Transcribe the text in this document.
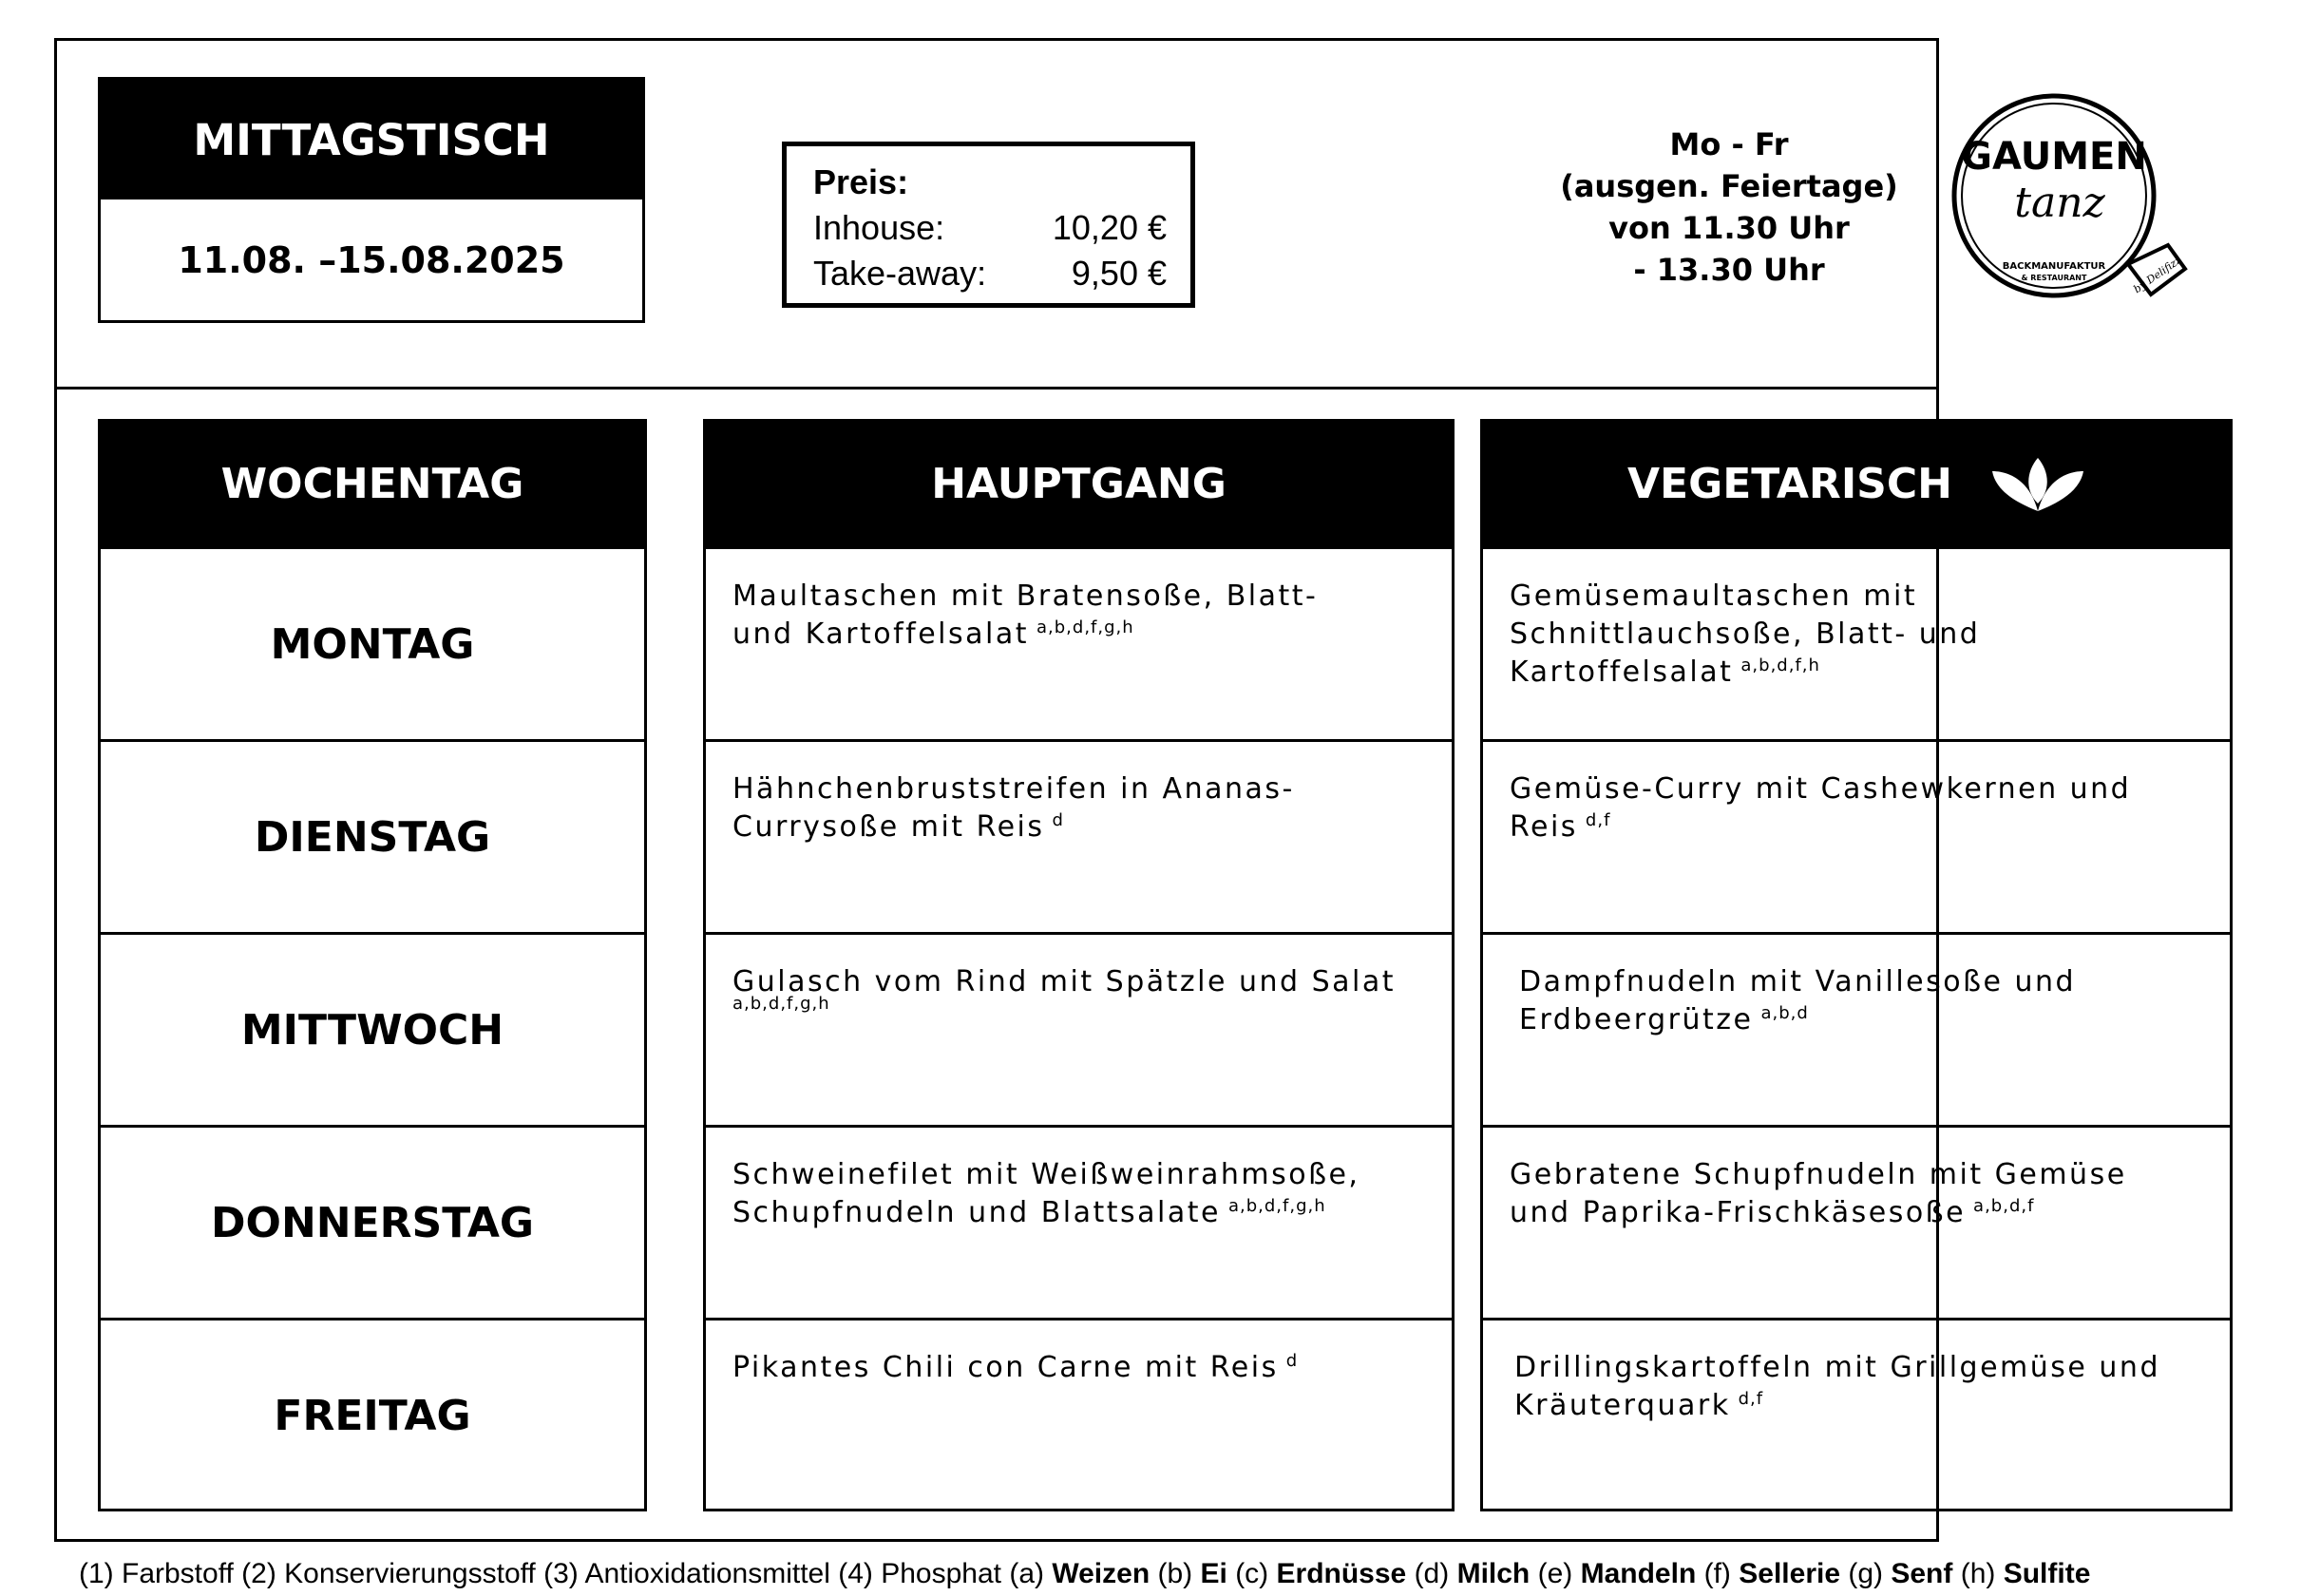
MITTAGSTISCH
11.08. –15.08.2025
Preis:
Inhouse:	10,20 €
Take-away: 9,50 €
Mo - Fr
(ausgen. Feiertage)
von 11.30 Uhr
- 13.30 Uhr
GAUMEN
tanz
BACKMANUFAKTUR
& RESTAURANT	by Delifizz
WOCHENTAG
MONTAG
DIENSTAG
MITTWOCH
DONNERSTAG
FREITAG
HAUPTGANG
Maultaschen mit Bratensoße, Blatt-
und Kartoffelsalat $^{a,b,d,f,g,h}$
Hähnchenbruststreifen in Ananas-
Currysoße mit Reis $^d$
Gulasch vom Rind mit Spätzle und Salat
a,b,d,f,g,h
Schweinefilet mit Weißweinrahmsoße,
Schupfnudeln und Blattsalate $^{a,b,d,f,g,h}$
Pikantes Chili con Carne mit Reis $^d$
VEGETARISCH
Gemüsemaultaschen mit
Schnittlauchsoße, Blatt- und
Kartoffelsalat $^{a,b,d,f,h}$
Gemüse-Curry mit Cashewkernen und
Reis $^{d,f}$
Dampfnudeln mit Vanillesoße und
Erdbeergrütze $^{a,b,d}$
Gebratene Schupfnudeln mit Gemüse
und Paprika-Frischkäsesoße $^{a,b,d,f}$
Drillingskartoffeln mit Grillgemüse und
Kräuterquark $^{d,f}$
(1) Farbstoff (2) Konservierungsstoff (3) Antioxidationsmittel (4) Phosphat (a) Weizen (b) Ei (c) Erdnüsse (d) Milch (e) Mandeln (f) Sellerie (g) Senf (h) Sulfite
